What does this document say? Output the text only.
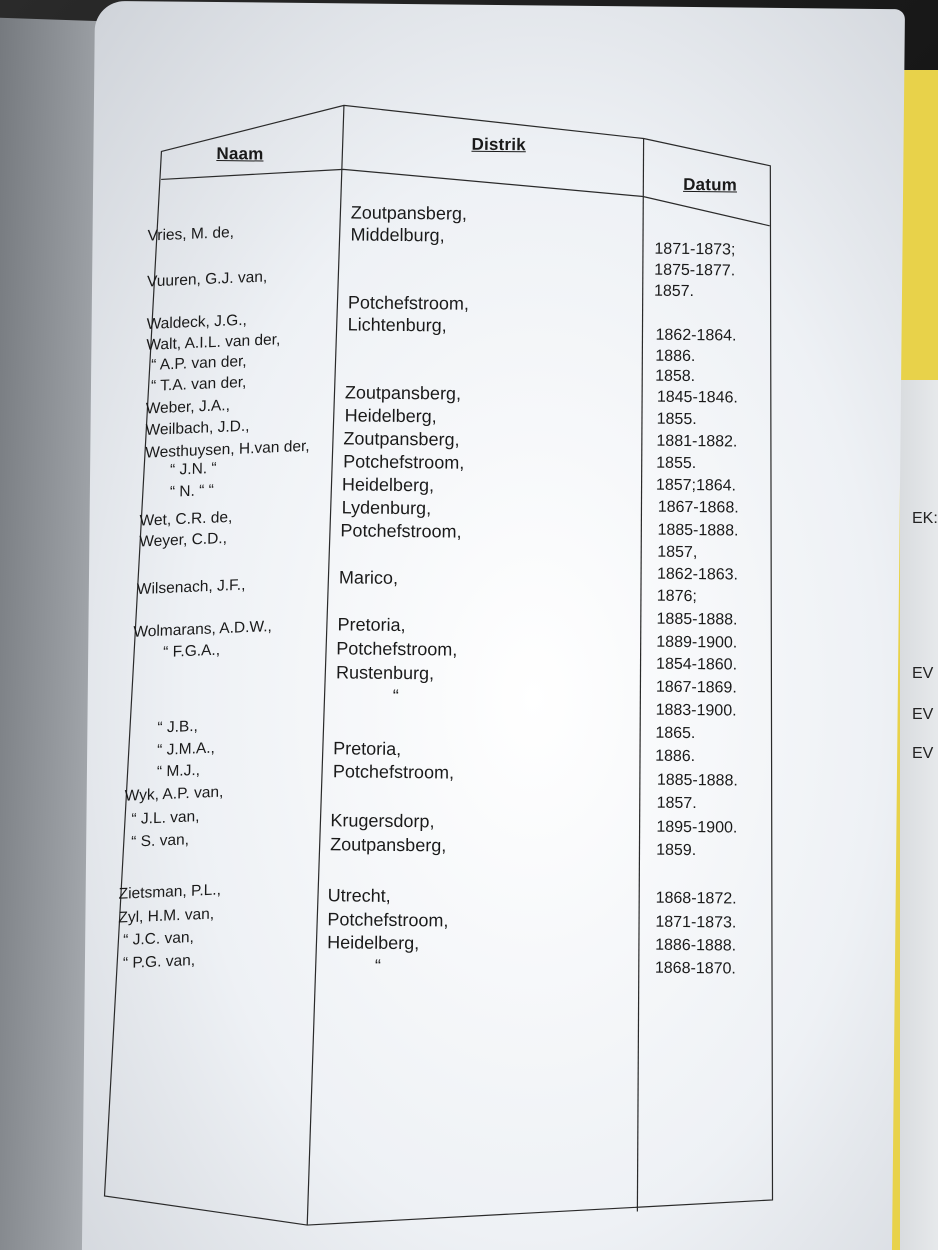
EK:
EV
EV
EV
Naam	Distrik
Datum
Vries, M. de,
Vuuren, G.J. van,
Waldeck, J.G.,
Walt, A.I.L. van der,
“ A.P. van der,
“ T.A. van der,
Weber, J.A.,
Weilbach, J.D.,
Westhuysen, H.van der,
“ J.N. “
“ N. “ “
Wet, C.R. de,
Weyer, C.D.,
Wilsenach, J.F.,
Wolmarans, A.D.W.,
“ F.G.A.,
“ J.B.,
“ J.M.A.,
“ M.J.,
Wyk, A.P. van,
“ J.L. van,
“ S. van,
Zietsman, P.L.,
Zyl, H.M. van,
“ J.C. van,
“ P.G. van,
Zoutpansberg,
Middelburg,
Potchefstroom,
Lichtenburg,
Zoutpansberg,
Heidelberg,
Zoutpansberg,
Potchefstroom,
Heidelberg,
Lydenburg,
Potchefstroom,
Marico,
Pretoria,
Potchefstroom,
Rustenburg,
“
Pretoria,
Potchefstroom,
Krugersdorp,
Zoutpansberg,
Utrecht,
Potchefstroom,
Heidelberg,
“
1871-1873;
1875-1877.
1857.
1862-1864.
1886.
1858.
1845-1846.
1855.
1881-1882.
1855.
1857;1864.
1867-1868.
1885-1888.
1857,
1862-1863.
1876;
1885-1888.
1889-1900.
1854-1860.
1867-1869.
1883-1900.
1865.
1886.
1885-1888.
1857.
1895-1900.
1859.
1868-1872.
1871-1873.
1886-1888.
1868-1870.
